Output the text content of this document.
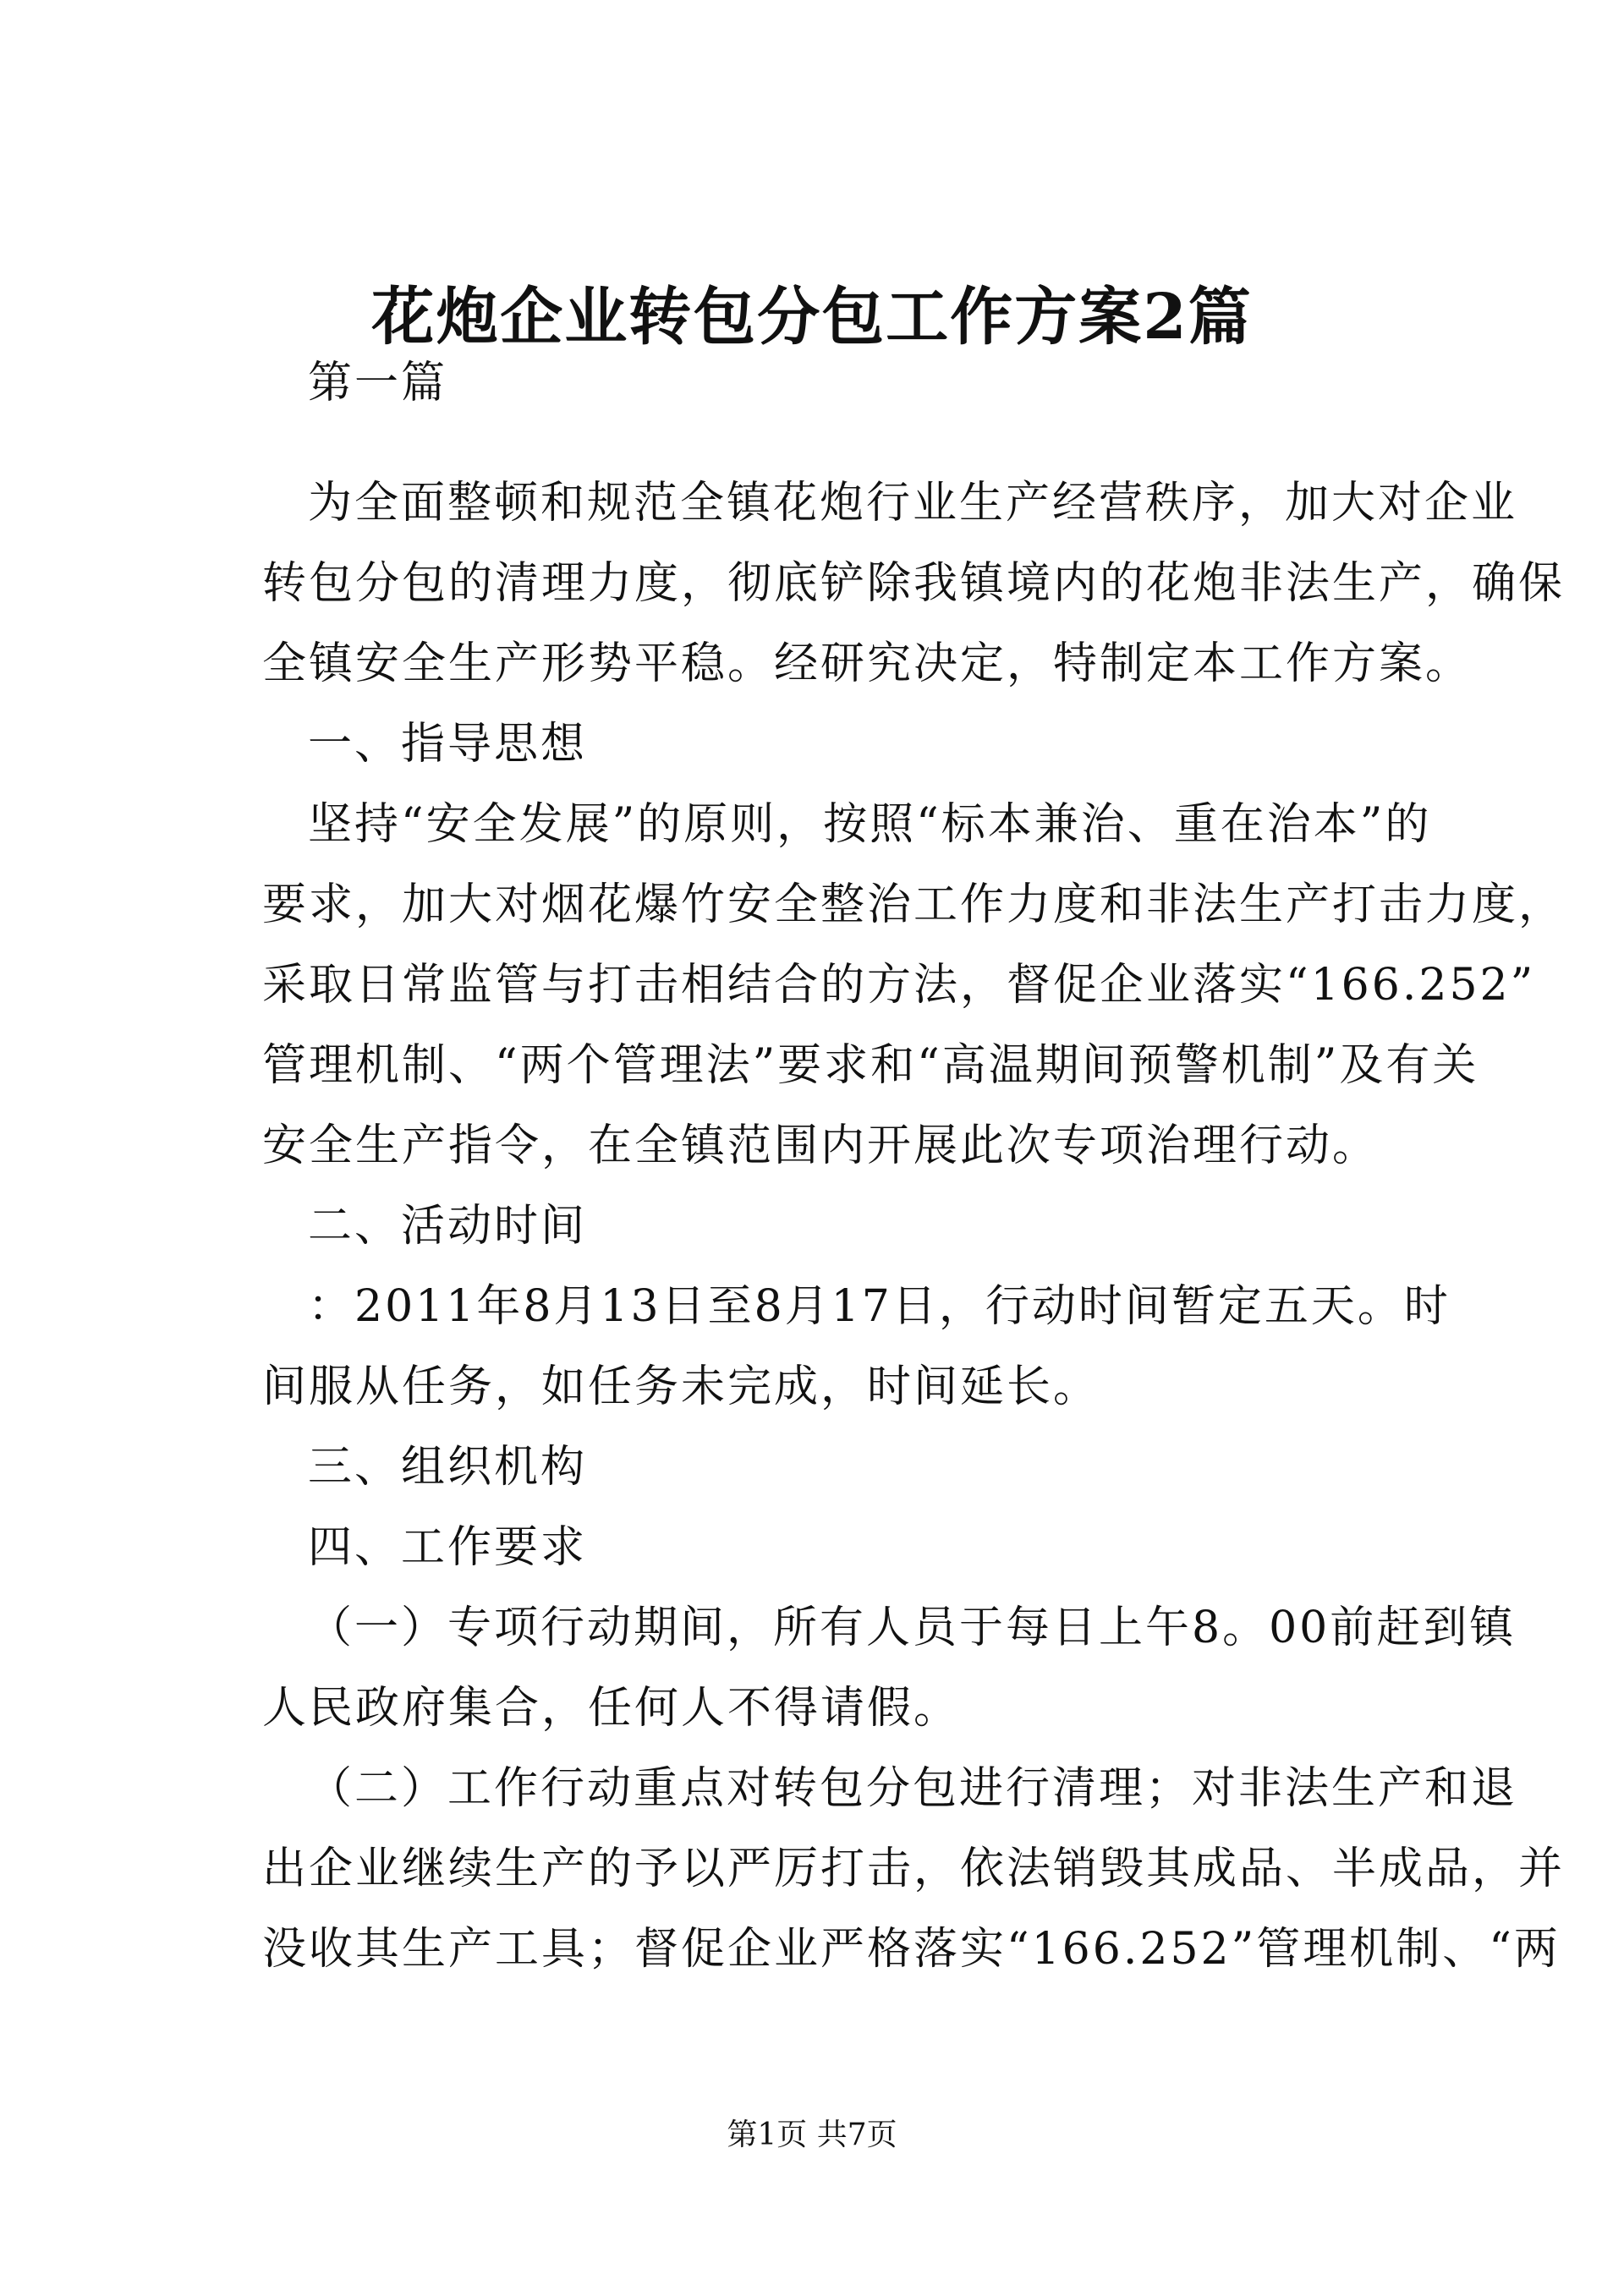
花炮企业转包分包工作方案2篇
第一篇
为全面整顿和规范全镇花炮行业生产经营秩序，加大对企业
转包分包的清理力度，彻底铲除我镇境内的花炮非法生产，确保
全镇安全生产形势平稳。经研究决定，特制定本工作方案。
一、指导思想
坚持“安全发展”的原则，按照“标本兼治、重在治本”的
要求，加大对烟花爆竹安全整治工作力度和非法生产打击力度，
采取日常监管与打击相结合的方法，督促企业落实“166.252”
管理机制、“两个管理法”要求和“高温期间预警机制”及有关
安全生产指令，在全镇范围内开展此次专项治理行动。
二、活动时间
：2011年8月13日至8月17日，行动时间暂定五天。时
间服从任务，如任务未完成，时间延长。
三、组织机构
四、工作要求
（一）专项行动期间，所有人员于每日上午8。00前赶到镇
人民政府集合，任何人不得请假。
（二）工作行动重点对转包分包进行清理；对非法生产和退
出企业继续生产的予以严厉打击，依法销毁其成品、半成品，并
没收其生产工具；督促企业严格落实“166.252”管理机制、“两
第1页 共7页
